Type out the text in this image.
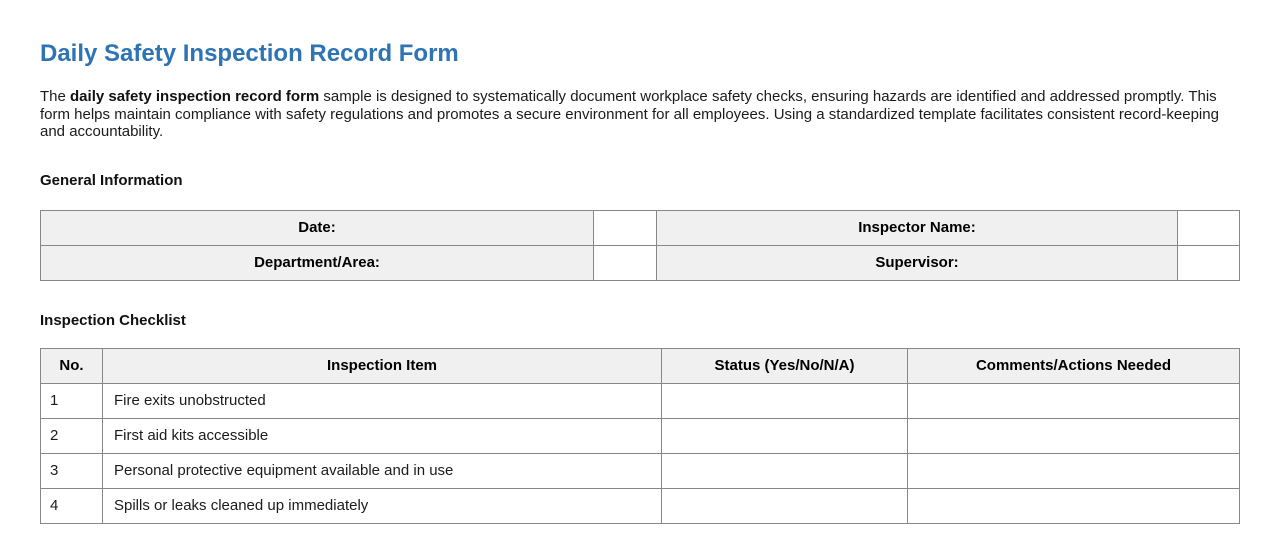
Daily Safety Inspection Record Form

The daily safety inspection record form sample is designed to systematically document workplace safety checks, ensuring hazards are identified and addressed promptly. This form helps maintain compliance with safety regulations and promotes a secure environment for all employees. Using a standardized template facilitates consistent record-keeping and accountability.

General Information
Date:		Inspector Name:	
Department/Area:		Supervisor:	
Inspection Checklist
No.	Inspection Item	Status (Yes/No/N/A)	Comments/Actions Needed
1	Fire exits unobstructed		
2	First aid kits accessible		
3	Personal protective equipment available and in use		
4	Spills or leaks cleaned up immediately		
